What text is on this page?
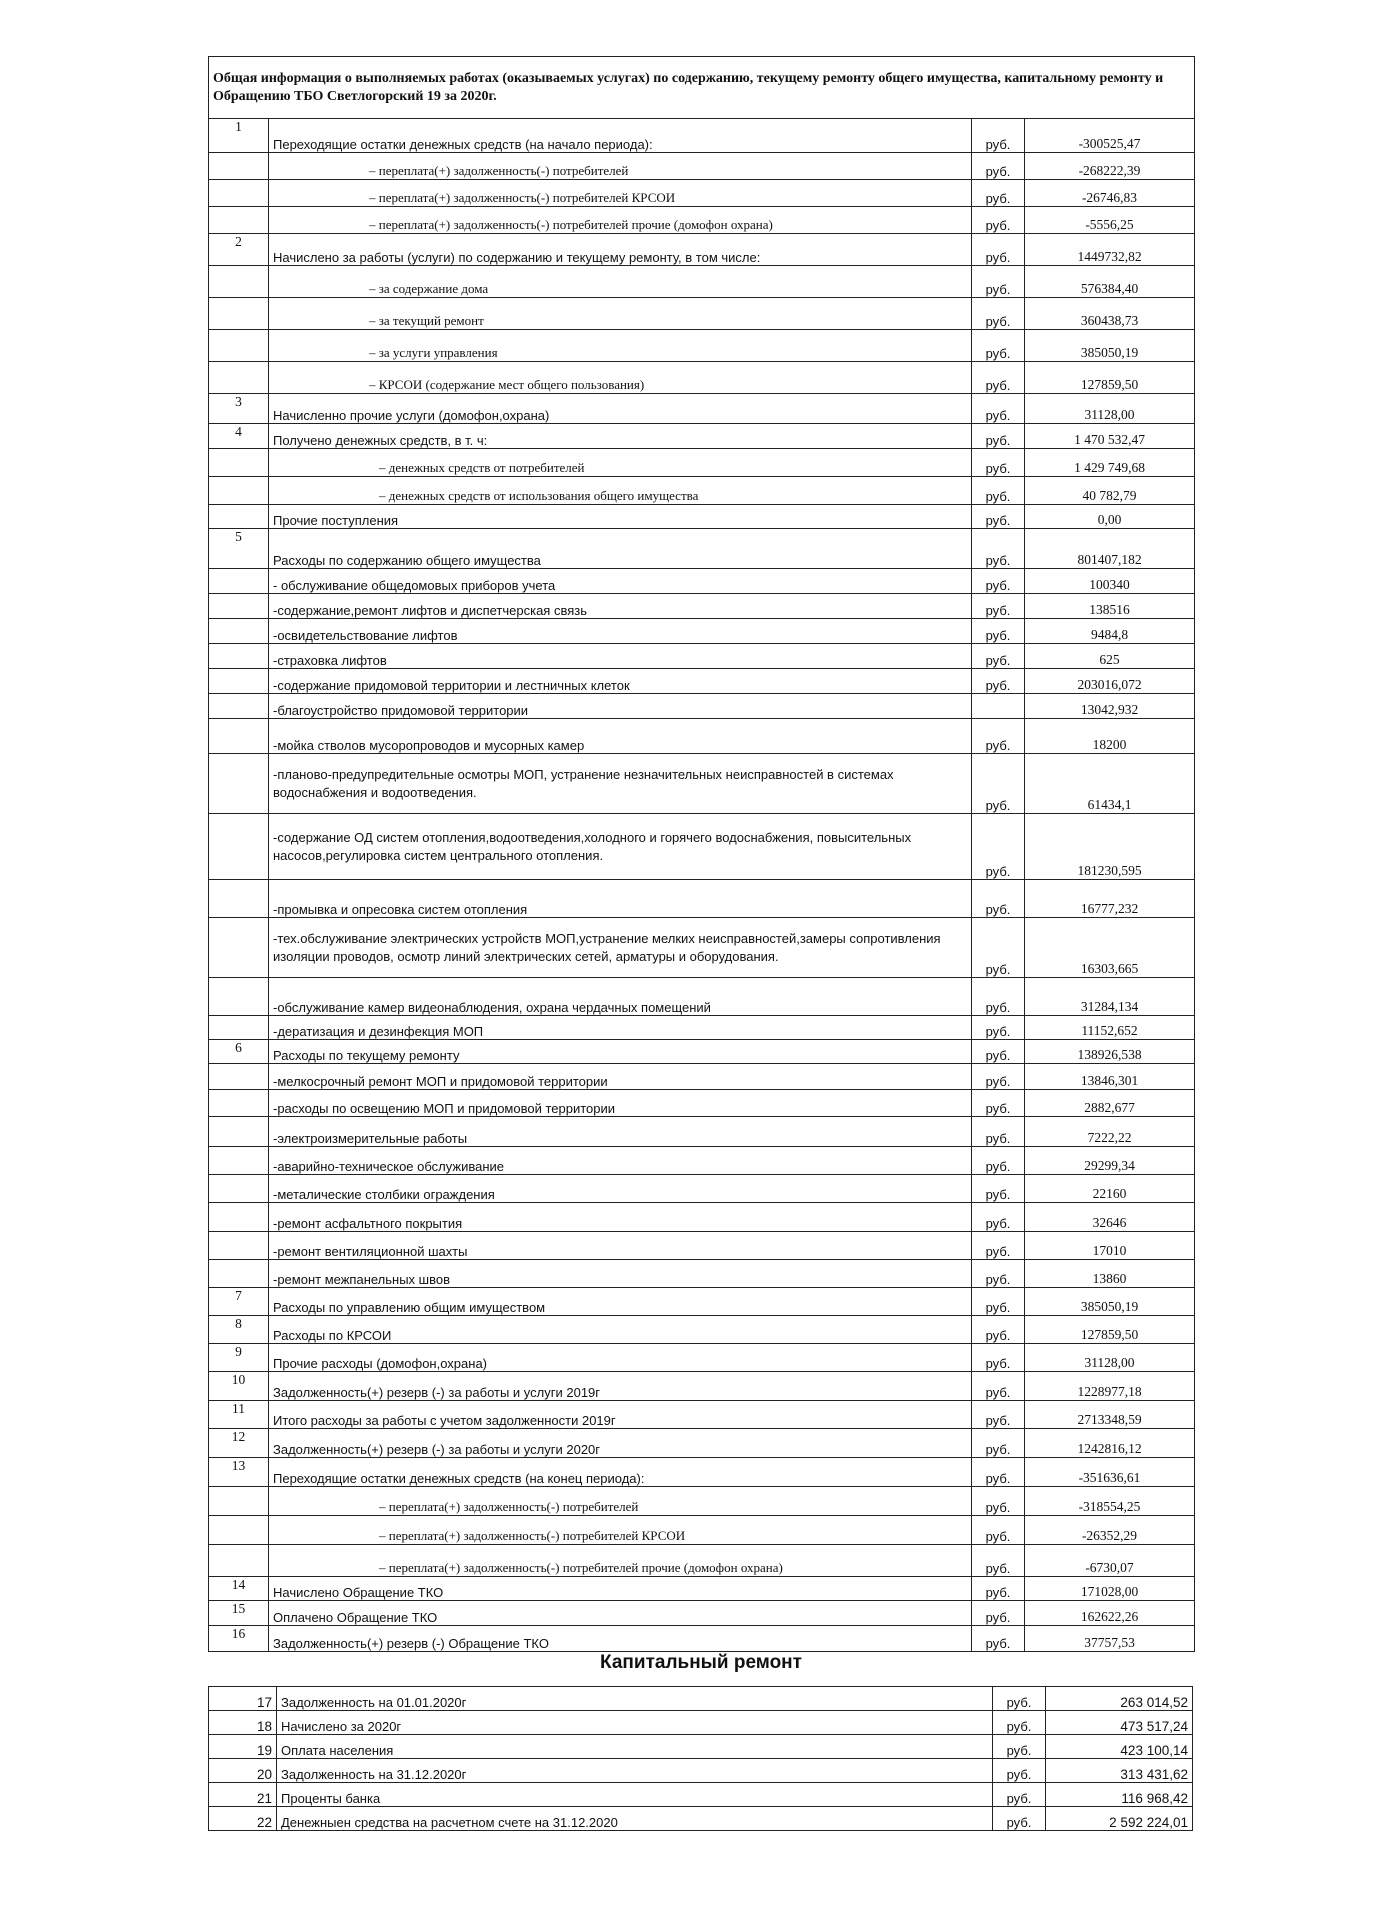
Общая информация о выполняемых работах (оказываемых услугах) по содержанию, текущему ремонту общего имущества, капитальному ремонту и Обращению ТБО Светлогорский 19 за 2020г.			
1	Переходящие остатки денежных средств (на начало периода):	руб.	-300525,47
	– переплата(+) задолженность(-) потребителей	руб.	-268222,39
	– переплата(+) задолженность(-) потребителей КРСОИ	руб.	-26746,83
	– переплата(+) задолженность(-) потребителей прочие (домофон охрана)	руб.	-5556,25
2	Начислено за работы (услуги) по содержанию и текущему ремонту, в том числе:	руб.	1449732,82
	– за содержание дома	руб.	576384,40
	– за текущий ремонт	руб.	360438,73
	– за услуги управления	руб.	385050,19
	– КРСОИ (содержание мест общего пользования)	руб.	127859,50
3	Начисленно прочие услуги (домофон,охрана)	руб.	31128,00
4	Получено денежных средств, в т. ч:	руб.	1 470 532,47
	– денежных средств от потребителей	руб.	1 429 749,68
	– денежных средств от использования общего имущества	руб.	40 782,79
	Прочие поступления	руб.	0,00
5	Расходы по содержанию общего имущества	руб.	801407,182
	- обслуживание общедомовых приборов учета	руб.	100340
	-содержание,ремонт лифтов и диспетчерская связь	руб.	138516
	-освидетельствование лифтов	руб.	9484,8
	-страховка лифтов	руб.	625
	-содержание придомовой территории и лестничных клеток	руб.	203016,072
	-благоустройство придомовой территории		13042,932
	-мойка стволов мусоропроводов и мусорных камер	руб.	18200
	-планово-предупредительные осмотры МОП, устранение незначительных неисправностей в системах водоснабжения и водоотведения.	руб.	61434,1
	-содержание ОД систем отопления,водоотведения,холодного и горячего водоснабжения, повысительных насосов,регулировка систем центрального отопления.	руб.	181230,595
	-промывка и опресовка систем отопления	руб.	16777,232
	-тех.обслуживание электрических устройств МОП,устранение мелких неисправностей,замеры сопротивления изоляции проводов, осмотр линий электрических сетей, арматуры и оборудования.	руб.	16303,665
	-обслуживание камер видеонаблюдения, охрана чердачных помещений	руб.	31284,134
	-дератизация и дезинфекция МОП	руб.	11152,652
6	Расходы по текущему ремонту	руб.	138926,538
	-мелкосрочный ремонт МОП и придомовой территории	руб.	13846,301
	-расходы по освещению МОП и придомовой территории	руб.	2882,677
	-электроизмерительные работы	руб.	7222,22
	-аварийно-техническое обслуживание	руб.	29299,34
	-металические столбики ограждения	руб.	22160
	-ремонт асфальтного покрытия	руб.	32646
	-ремонт вентиляционной шахты	руб.	17010
	-ремонт межпанельных швов	руб.	13860
7	Расходы по управлению общим имуществом	руб.	385050,19
8	Расходы по КРСОИ	руб.	127859,50
9	Прочие расходы (домофон,охрана)	руб.	31128,00
10	Задолженность(+) резерв (-) за работы и услуги 2019г	руб.	1228977,18
11	Итого расходы за работы с учетом задолженности 2019г	руб.	2713348,59
12	Задолженность(+) резерв (-) за работы и услуги 2020г	руб.	1242816,12
13	Переходящие остатки денежных средств (на конец периода):	руб.	-351636,61
	– переплата(+) задолженность(-) потребителей	руб.	-318554,25
	– переплата(+) задолженность(-) потребителей КРСОИ	руб.	-26352,29
	– переплата(+) задолженность(-) потребителей прочие (домофон охрана)	руб.	-6730,07
14	Начислено Обращение ТКО	руб.	171028,00
15	Оплачено Обращение ТКО	руб.	162622,26
16	Задолженность(+) резерв (-) Обращение ТКО	руб.	37757,53
Капитальный ремонт
17	Задолженность на 01.01.2020г	руб.	263 014,52
18	Начислено за 2020г	руб.	473 517,24
19	Оплата населения	руб.	423 100,14
20	Задолженность на 31.12.2020г	руб.	313 431,62
21	Проценты банка	руб.	116 968,42
22	Денежныен средства на расчетном счете на 31.12.2020	руб.	2 592 224,01
